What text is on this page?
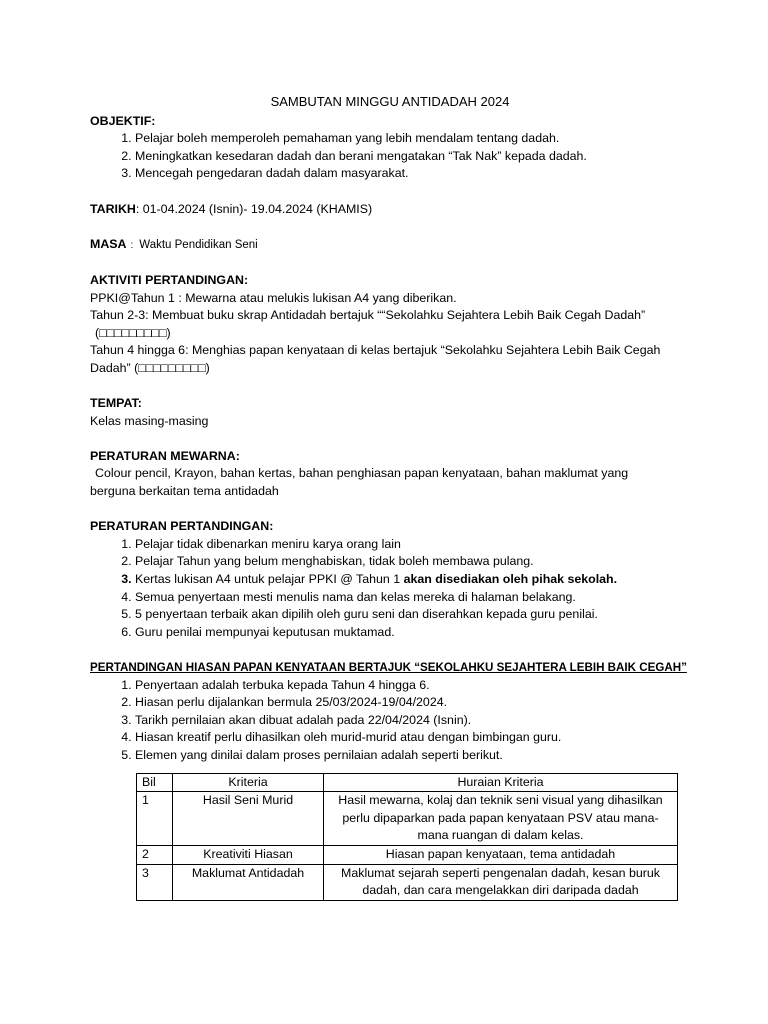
SAMBUTAN MINGGU ANTIDADAH 2024
OBJEKTIF:
1. Pelajar boleh memperoleh pemahaman yang lebih mendalam tentang dadah.
2. Meningkatkan kesedaran dadah dan berani mengatakan “Tak Nak” kepada dadah.
3. Mencegah pengedaran dadah dalam masyarakat.
TARIKH: 01-04.2024 (Isnin)- 19.04.2024 (KHAMIS)
MASA : Waktu Pendidikan Seni
AKTIVITI PERTANDINGAN:
PPKI@Tahun 1 : Mewarna atau melukis lukisan A4 yang diberikan.
Tahun 2-3: Membuat buku skrap Antidadah bertajuk ““Sekolahku Sejahtera Lebih Baik Cegah Dadah”
(□□□□□□□□□)
Tahun 4 hingga 6: Menghias papan kenyataan di kelas bertajuk “Sekolahku Sejahtera Lebih Baik Cegah
Dadah” (□□□□□□□□□)
TEMPAT:
Kelas masing-masing
PERATURAN MEWARNA:
Colour pencil, Krayon, bahan kertas, bahan penghiasan papan kenyataan, bahan maklumat yang
berguna berkaitan tema antidadah
PERATURAN PERTANDINGAN:
1. Pelajar tidak dibenarkan meniru karya orang lain
2. Pelajar Tahun yang belum menghabiskan, tidak boleh membawa pulang.
3. Kertas lukisan A4 untuk pelajar PPKI @ Tahun 1 akan disediakan oleh pihak sekolah.
4. Semua penyertaan mesti menulis nama dan kelas mereka di halaman belakang.
5. 5 penyertaan terbaik akan dipilih oleh guru seni dan diserahkan kepada guru penilai.
6. Guru penilai mempunyai keputusan muktamad.
PERTANDINGAN HIASAN PAPAN KENYATAAN BERTAJUK “SEKOLAHKU SEJAHTERA LEBIH BAIK CEGAH”
1. Penyertaan adalah terbuka kepada Tahun 4 hingga 6.
2. Hiasan perlu dijalankan bermula 25/03/2024-19/04/2024.
3. Tarikh pernilaian akan dibuat adalah pada 22/04/2024 (Isnin).
4. Hiasan kreatif perlu dihasilkan oleh murid-murid atau dengan bimbingan guru.
5. Elemen yang dinilai dalam proses pernilaian adalah seperti berikut.
Bil	Kriteria	Huraian Kriteria
1	Hasil Seni Murid	Hasil mewarna, kolaj dan teknik seni visual yang dihasilkan
perlu dipaparkan pada papan kenyataan PSV atau mana-
mana ruangan di dalam kelas.

2	Kreativiti Hiasan	Hiasan papan kenyataan, tema antidadah

3	Maklumat Antidadah	Maklumat sejarah seperti pengenalan dadah, kesan buruk
dadah, dan cara mengelakkan diri daripada dadah
